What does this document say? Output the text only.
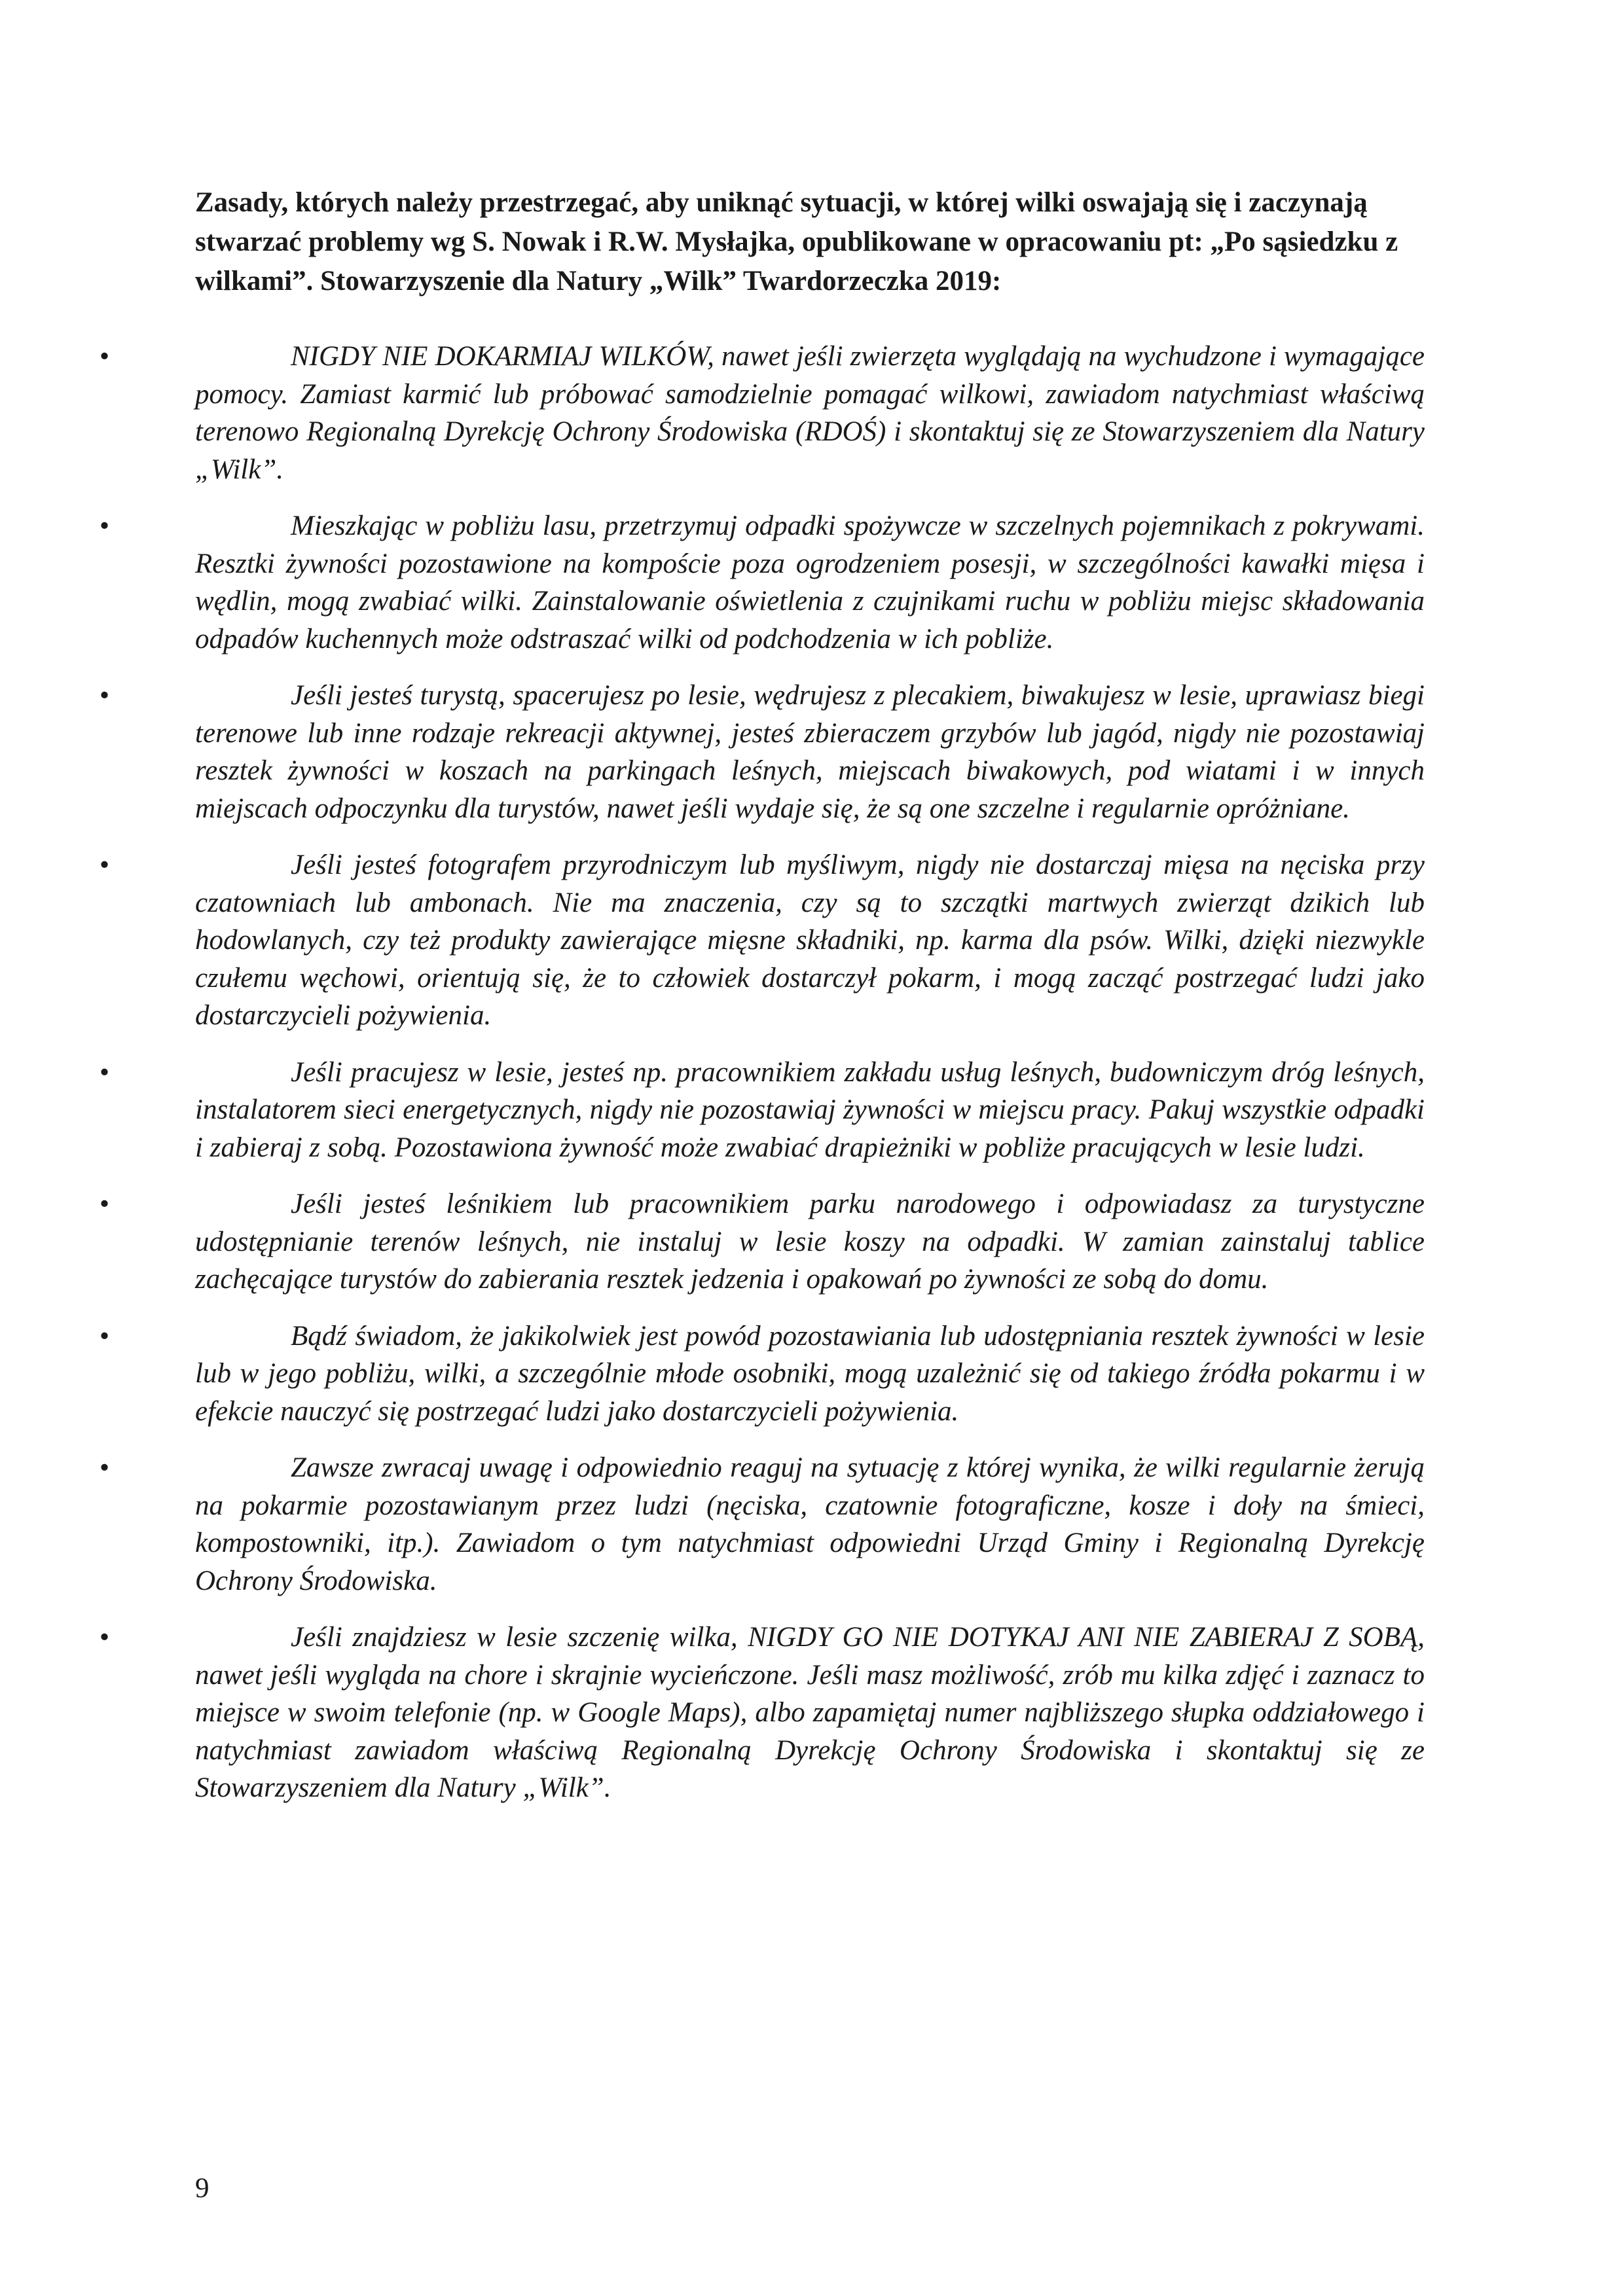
Zasady, których należy przestrzegać, aby uniknąć sytuacji, w której wilki oswajają się i zaczynają stwarzać problemy wg S. Nowak i R.W. Mysłajka, opublikowane w opracowaniu pt: „Po sąsiedzku z wilkami”. Stowarzyszenie dla Natury „Wilk” Twardorzeczka 2019:

•	NIGDY NIE DOKARMIAJ WILKÓW, nawet jeśli zwierzęta wyglądają na wychudzone i wymagające pomocy. Zamiast karmić lub próbować samodzielnie pomagać wilkowi, zawiadom natychmiast właściwą terenowo Regionalną Dyrekcję Ochrony Środowiska (RDOŚ) i skontaktuj się ze Stowarzyszeniem dla Natury „Wilk”.
•	Mieszkając w pobliżu lasu, przetrzymuj odpadki spożywcze w szczelnych pojemnikach z pokrywami. Resztki żywności pozostawione na kompoście poza ogrodzeniem posesji, w szczególności kawałki mięsa i wędlin, mogą zwabiać wilki. Zainstalowanie oświetlenia z czujnikami ruchu w pobliżu miejsc składowania odpadów kuchennych może odstraszać wilki od podchodzenia w ich pobliże.
•	Jeśli jesteś turystą, spacerujesz po lesie, wędrujesz z plecakiem, biwakujesz w lesie, uprawiasz biegi terenowe lub inne rodzaje rekreacji aktywnej, jesteś zbieraczem grzybów lub jagód, nigdy nie pozostawiaj resztek żywności w koszach na parkingach leśnych, miejscach biwakowych, pod wiatami i w innych miejscach odpoczynku dla turystów, nawet jeśli wydaje się, że są one szczelne i regularnie opróżniane.
•	Jeśli jesteś fotografem przyrodniczym lub myśliwym, nigdy nie dostarczaj mięsa na nęciska przy czatowniach lub ambonach. Nie ma znaczenia, czy są to szczątki martwych zwierząt dzikich lub hodowlanych, czy też produkty zawierające mięsne składniki, np. karma dla psów. Wilki, dzięki niezwykle czułemu węchowi, orientują się, że to człowiek dostarczył pokarm, i mogą zacząć postrzegać ludzi jako dostarczycieli pożywienia.
•	Jeśli pracujesz w lesie, jesteś np. pracownikiem zakładu usług leśnych, budowniczym dróg leśnych, instalatorem sieci energetycznych, nigdy nie pozostawiaj żywności w miejscu pracy. Pakuj wszystkie odpadki i zabieraj z sobą. Pozostawiona żywność może zwabiać drapieżniki w pobliże pracujących w lesie ludzi.
•	Jeśli jesteś leśnikiem lub pracownikiem parku narodowego i odpowiadasz za turystyczne udostępnianie terenów leśnych, nie instaluj w lesie koszy na odpadki. W zamian zainstaluj tablice zachęcające turystów do zabierania resztek jedzenia i opakowań po żywności ze sobą do domu.
•	Bądź świadom, że jakikolwiek jest powód pozostawiania lub udostępniania resztek żywności w lesie lub w jego pobliżu, wilki, a szczególnie młode osobniki, mogą uzależnić się od takiego źródła pokarmu i w efekcie nauczyć się postrzegać ludzi jako dostarczycieli pożywienia.
•	Zawsze zwracaj uwagę i odpowiednio reaguj na sytuację z której wynika, że wilki regularnie żerują na pokarmie pozostawianym przez ludzi (nęciska, czatownie fotograficzne, kosze i doły na śmieci, kompostowniki, itp.). Zawiadom o tym natychmiast odpowiedni Urząd Gminy i Regionalną Dyrekcję Ochrony Środowiska.
•	Jeśli znajdziesz w lesie szczenię wilka, NIGDY GO NIE DOTYKAJ ANI NIE ZABIERAJ Z SOBĄ, nawet jeśli wygląda na chore i skrajnie wycieńczone. Jeśli masz możliwość, zrób mu kilka zdjęć i zaznacz to miejsce w swoim telefonie (np. w Google Maps), albo zapamiętaj numer najbliższego słupka oddziałowego i natychmiast zawiadom właściwą Regionalną Dyrekcję Ochrony Środowiska i skontaktuj się ze Stowarzyszeniem dla Natury „Wilk”.
9
